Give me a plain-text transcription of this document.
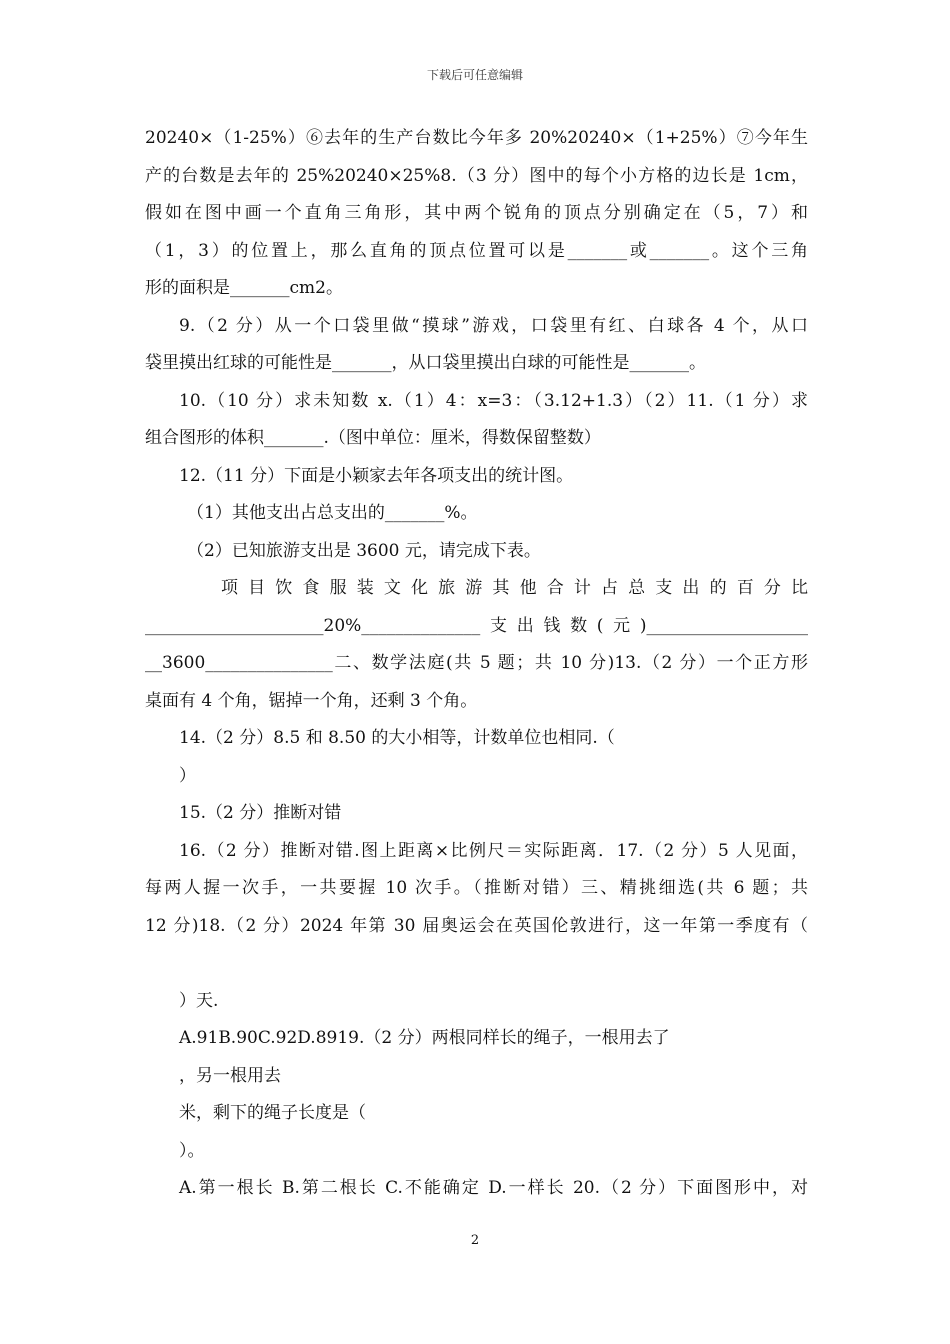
下载后可任意编辑
20240×（1-25%）⑥去年的生产台数比今年多 20%20240×（1+25%）⑦今年生
产的台数是去年的 25%20240×25%8.（3 分）图中的每个小方格的边长是 1cm，
假如在图中画一个直角三角形，其中两个锐角的顶点分别确定在（5，7）和
（1，3）的位置上，那么直角的顶点位置可以是_______或_______。这个三角
形的面积是_______cm2。
9.（2 分）从一个口袋里做“摸球”游戏，口袋里有红、白球各 4 个，从口
袋里摸出红球的可能性是_______，从口袋里摸出白球的可能性是_______。
10.（10 分）求未知数 x.（1）4：x=3：（3.12+1.3）（2）11.（1 分）求
组合图形的体积_______.（图中单位：厘米，得数保留整数）
12.（11 分）下面是小颖家去年各项支出的统计图。
（1）其他支出占总支出的_______%。
（2）已知旅游支出是 3600 元，请完成下表。
项 目 饮 食 服 装 文 化 旅 游 其 他 合 计 占 总 支 出 的 百 分 比
_____________________20%______________支出钱数(元)___________________
__3600_______________二、数学法庭(共 5 题；共 10 分)13.（2 分）一个正方形
桌面有 4 个角，锯掉一个角，还剩 3 个角。
14.（2 分）8.5 和 8.50 的大小相等，计数单位也相同.（
）
15.（2 分）推断对错
16.（2 分）推断对错.图上距离×比例尺＝实际距离．17.（2 分）5 人见面，
每两人握一次手，一共要握 10 次手。（推断对错）三、精挑细选(共 6 题；共
12 分)18.（2 分）2024 年第 30 届奥运会在英国伦敦进行，这一年第一季度有（
）天.
A.91B.90C.92D.8919.（2 分）两根同样长的绳子，一根用去了
，另一根用去
米，剩下的绳子长度是（
）。
A.第一根长 B.第二根长 C.不能确定 D.一样长 20.（2 分）下面图形中，对
2
